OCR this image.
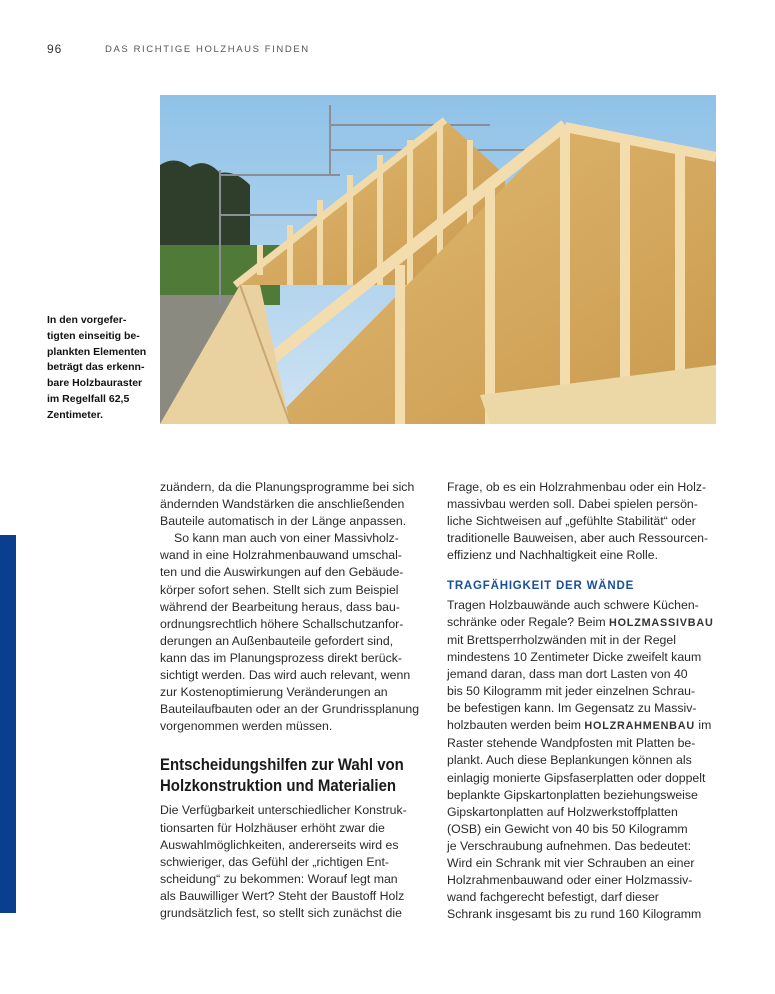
96	DAS RICHTIGE HOLZHAUS FINDEN
In den vorgefer-
tigten einseitig be-
plankten Elementen
beträgt das erkenn-
bare Holzbauraster
im Regelfall 62,5
Zentimeter.
zuändern, da die Planungsprogramme bei sich
ändernden Wandstärken die anschließenden
Bauteile automatisch in der Länge anpassen.
So kann man auch von einer Massivholz-
wand in eine Holzrahmenbauwand umschal-
ten und die Auswirkungen auf den Gebäude-
körper sofort sehen. Stellt sich zum Beispiel
während der Bearbeitung heraus, dass bau-
ordnungsrechtlich höhere Schallschutzanfor-
derungen an Außenbauteile gefordert sind,
kann das im Planungsprozess direkt berück-
sichtigt werden. Das wird auch relevant, wenn
zur Kostenoptimierung Veränderungen an
Bauteilaufbauten oder an der Grundrissplanung
vorgenommen werden müssen.
Entscheidungshilfen zur Wahl von
Holzkonstruktion und Materialien
Die Verfügbarkeit unterschiedlicher Konstruk-
tionsarten für Holzhäuser erhöht zwar die
Auswahlmöglichkeiten, andererseits wird es
schwieriger, das Gefühl der „richtigen Ent-
scheidung“ zu bekommen: Worauf legt man
als Bauwilliger Wert? Steht der Baustoff Holz
grundsätzlich fest, so stellt sich zunächst die
Frage, ob es ein Holzrahmenbau oder ein Holz-
massivbau werden soll. Dabei spielen persön-
liche Sichtweisen auf „gefühlte Stabilität“ oder
traditionelle Bauweisen, aber auch Ressourcen-
effizienz und Nachhaltigkeit eine Rolle.
TRAGFÄHIGKEIT DER WÄNDE
Tragen Holzbauwände auch schwere Küchen-
schränke oder Regale? Beim HOLZMASSIVBAU
mit Brettsperrholzwänden mit in der Regel
mindestens 10 Zentimeter Dicke zweifelt kaum
jemand daran, dass man dort Lasten von 40
bis 50 Kilogramm mit jeder einzelnen Schrau-
be befestigen kann. Im Gegensatz zu Massiv-
holzbauten werden beim HOLZRAHMENBAU im
Raster stehende Wandpfosten mit Platten be-
plankt. Auch diese Beplankungen können als
einlagig monierte Gipsfaserplatten oder doppelt
beplankte Gipskartonplatten beziehungsweise
Gipskartonplatten auf Holzwerkstoffplatten
(OSB) ein Gewicht von 40 bis 50 Kilogramm
je Verschraubung aufnehmen. Das bedeutet:
Wird ein Schrank mit vier Schrauben an einer
Holzrahmenbauwand oder einer Holzmassiv-
wand fachgerecht befestigt, darf dieser
Schrank insgesamt bis zu rund 160 Kilogramm
